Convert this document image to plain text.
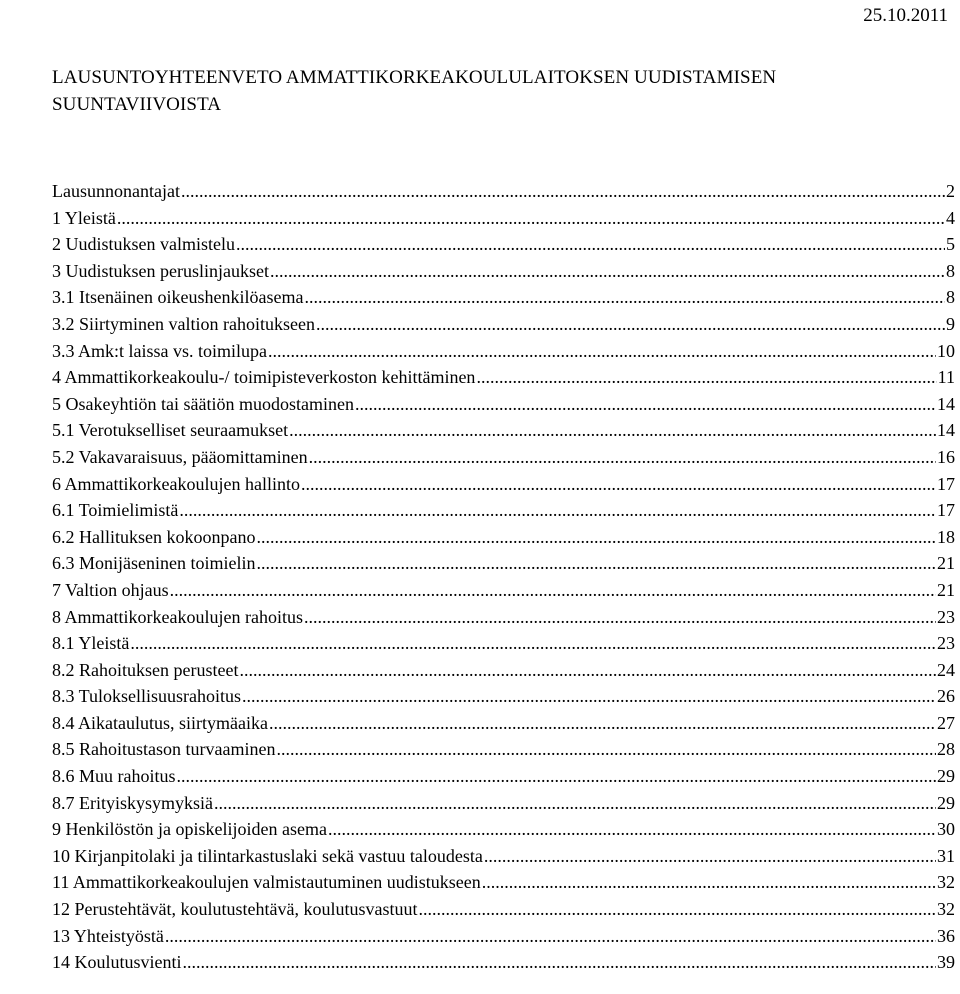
25.10.2011
LAUSUNTOYHTEENVETO AMMATTIKORKEAKOULULAITOKSEN UUDISTAMISEN
SUUNTAVIIVOISTA
Lausunnonantajat .....	2
1 Yleistä .....	4
2 Uudistuksen valmistelu .....	5
3 Uudistuksen peruslinjaukset .....	8
3.1 Itsenäinen oikeushenkilöasema .....	8
3.2 Siirtyminen valtion rahoitukseen .....	9
3.3 Amk:t laissa vs. toimilupa .....	10
4 Ammattikorkeakoulu-/ toimipisteverkoston kehittäminen .....	11
5 Osakeyhtiön tai säätiön muodostaminen .....	14
5.1 Verotukselliset seuraamukset .....	14
5.2 Vakavaraisuus, pääomittaminen .....	16
6 Ammattikorkeakoulujen hallinto .....	17
6.1 Toimielimistä .....	17
6.2 Hallituksen kokoonpano .....	18
6.3 Monijäseninen toimielin .....	21
7 Valtion ohjaus .....	21
8 Ammattikorkeakoulujen rahoitus .....	23
8.1 Yleistä .....	23
8.2 Rahoituksen perusteet .....	24
8.3 Tuloksellisuusrahoitus .....	26
8.4 Aikataulutus, siirtymäaika .....	27
8.5 Rahoitustason turvaaminen .....	28
8.6 Muu rahoitus .....	29
8.7 Erityiskysymyksiä .....	29
9 Henkilöstön ja opiskelijoiden asema .....	30
10 Kirjanpitolaki ja tilintarkastuslaki sekä vastuu taloudesta .....	31
11 Ammattikorkeakoulujen valmistautuminen uudistukseen .....	32
12 Perustehtävät, koulutustehtävä, koulutusvastuut .....	32
13 Yhteistyöstä .....	36
14 Koulutusvienti .....	39
